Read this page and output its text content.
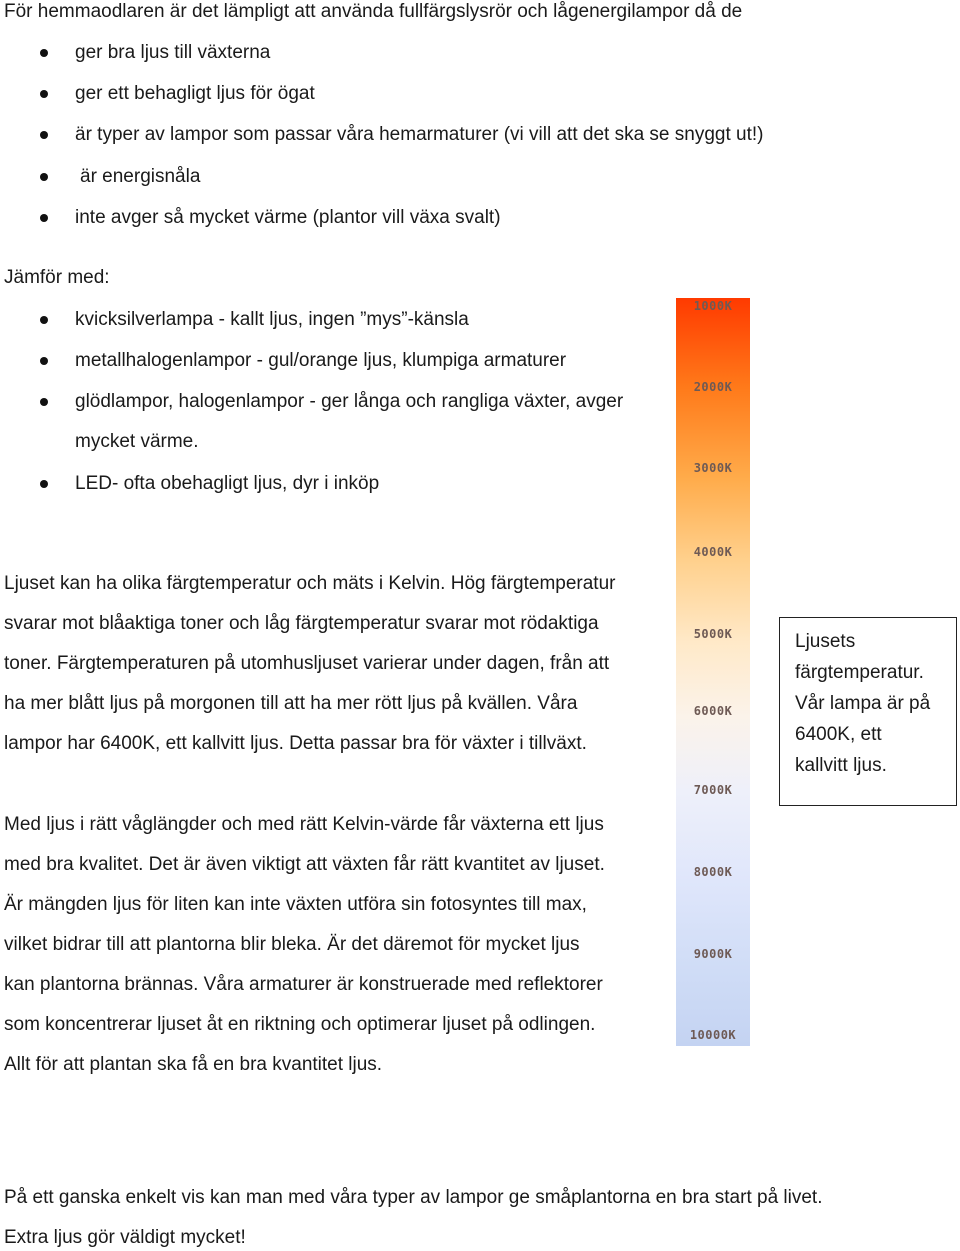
För hemmaodlaren är det lämpligt att använda fullfärgslysrör och lågenergilampor då de
ger bra ljus till växterna
ger ett behagligt ljus för ögat
är typer av lampor som passar våra hemarmaturer (vi vill att det ska se snyggt ut!)
är energisnåla
inte avger så mycket värme (plantor vill växa svalt)
Jämför med:
kvicksilverlampa - kallt ljus, ingen ”mys”-känsla
metallhalogenlampor - gul/orange ljus, klumpiga armaturer
glödlampor, halogenlampor - ger långa och rangliga växter, avger
mycket värme.
LED- ofta obehagligt ljus, dyr i inköp
Ljuset kan ha olika färgtemperatur och mäts i Kelvin. Hög färgtemperatur
svarar mot blåaktiga toner och låg färgtemperatur svarar mot rödaktiga
toner. Färgtemperaturen på utomhusljuset varierar under dagen, från att
ha mer blått ljus på morgonen till att ha mer rött ljus på kvällen. Våra
lampor har 6400K, ett kallvitt ljus. Detta passar bra för växter i tillväxt.
Med ljus i rätt våglängder och med rätt Kelvin-värde får växterna ett ljus
med bra kvalitet. Det är även viktigt att växten får rätt kvantitet av ljuset.
Är mängden ljus för liten kan inte växten utföra sin fotosyntes till max,
vilket bidrar till att plantorna blir bleka. Är det däremot för mycket ljus
kan plantorna brännas. Våra armaturer är konstruerade med reflektorer
som koncentrerar ljuset åt en riktning och optimerar ljuset på odlingen.
Allt för att plantan ska få en bra kvantitet ljus.
På ett ganska enkelt vis kan man med våra typer av lampor ge småplantorna en bra start på livet.
Extra ljus gör väldigt mycket!
1000K
2000K
3000K
4000K
5000K
6000K
7000K
8000K
9000K
10000K
Ljusets
färgtemperatur.
Vår lampa är på
6400K, ett
kallvitt ljus.
